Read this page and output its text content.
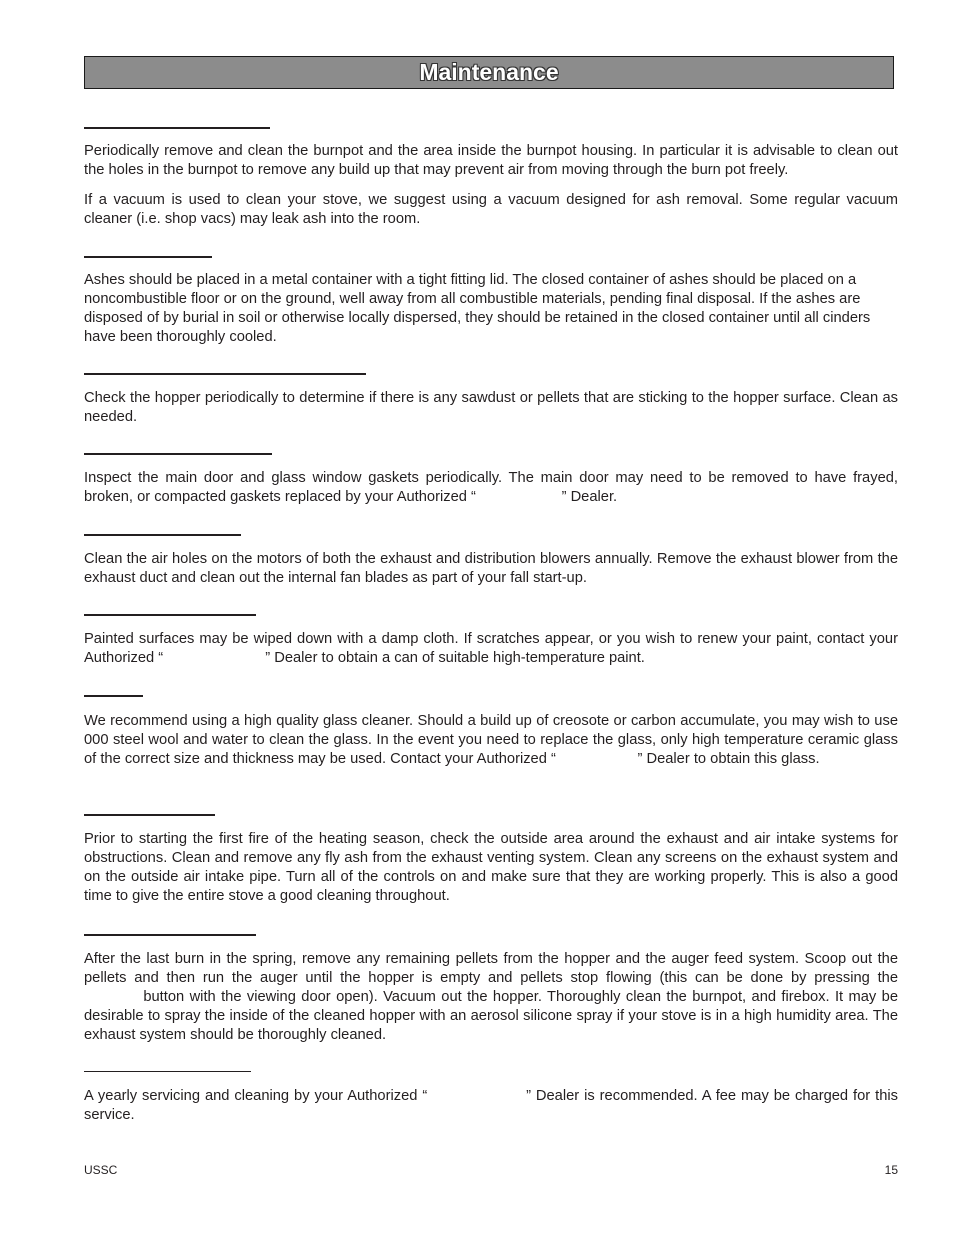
Maintenance

Periodically remove and clean the burnpot and the area inside the burnpot housing. In particular it is advisable to clean out the holes in the burnpot to remove any build up that may prevent air from moving through the burn pot freely.

If a vacuum is used to clean your stove, we suggest using a vacuum designed for ash removal. Some regular vacuum cleaner (i.e. shop vacs) may leak ash into the room.

Ashes should be placed in a metal container with a tight fitting lid. The closed container of ashes should be placed on a noncombustible floor or on the ground, well away from all combustible materials, pending final disposal. If the ashes are disposed of by burial in soil or otherwise locally dispersed, they should be retained in the closed container until all cinders have been thoroughly cooled.

Check the hopper periodically to determine if there is any sawdust or pellets that are sticking to the hopper surface. Clean as needed.

Inspect the main door and glass window gaskets periodically. The main door may need to be removed to have frayed, broken, or compacted gaskets replaced by your Authorized “	” Dealer.

Clean the air holes on the motors of both the exhaust and distribution blowers annually. Remove the exhaust blower from the exhaust duct and clean out the internal fan blades as part of your fall start-up.

Painted surfaces may be wiped down with a damp cloth. If scratches appear, or you wish to renew your paint, contact your Authorized “	” Dealer to obtain a can of suitable high-temperature paint.

We recommend using a high quality glass cleaner. Should a build up of creosote or carbon accumulate, you may wish to use 000 steel wool and water to clean the glass. In the event you need to replace the glass, only high temperature ceramic glass of the correct size and thickness may be used. Contact your Authorized “	” Dealer to obtain this glass.

Prior to starting the first fire of the heating season, check the outside area around the exhaust and air intake systems for obstructions. Clean and remove any fly ash from the exhaust venting system. Clean any screens on the exhaust system and on the outside air intake pipe. Turn all of the controls on and make sure that they are working properly. This is also a good time to give the entire stove a good cleaning throughout.

After the last burn in the spring, remove any remaining pellets from the hopper and the auger feed system. Scoop out the pellets and then run the auger until the hopper is empty and pellets stop flowing (this can be done by pressing the           button with the viewing door open). Vacuum out the hopper. Thoroughly clean the burnpot, and firebox. It may be desirable to spray the inside of the cleaned hopper with an aerosol silicone spray if your stove is in a high humidity area. The exhaust system should be thoroughly cleaned.

A yearly servicing and cleaning by your Authorized “	” Dealer is recommended. A fee may be charged for this service.

USSC	15
